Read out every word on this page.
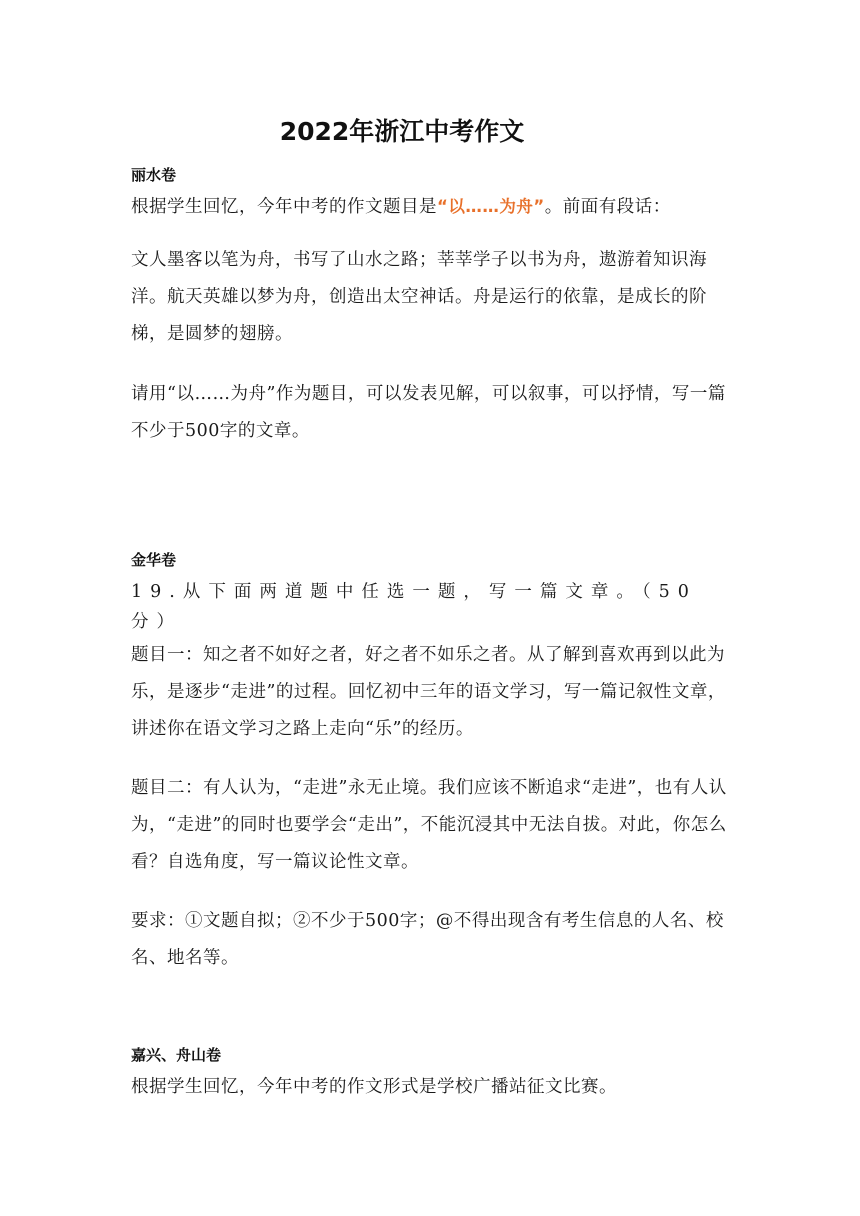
2022年浙江中考作文

丽水卷

根据学生回忆，今年中考的作文题目是“以……为舟”。前面有段话：

文人墨客以笔为舟，书写了山水之路；莘莘学子以书为舟，遨游着知识海洋。航天英雄以梦为舟，创造出太空神话。舟是运行的依靠，是成长的阶梯，是圆梦的翅膀。

请用“以……为舟”作为题目，可以发表见解，可以叙事，可以抒情，写一篇不少于500字的文章。

金华卷

19.从下面两道题中任选一题，写一篇文章。（50分）

题目一：知之者不如好之者，好之者不如乐之者。从了解到喜欢再到以此为乐，是逐步“走进”的过程。回忆初中三年的语文学习，写一篇记叙性文章，讲述你在语文学习之路上走向“乐”的经历。

题目二：有人认为，“走进”永无止境。我们应该不断追求“走进”，也有人认为，“走进”的同时也要学会“走出”，不能沉浸其中无法自拔。对此，你怎么看？自选角度，写一篇议论性文章。

要求：①文题自拟；②不少于500字；@不得出现含有考生信息的人名、校名、地名等。

嘉兴、舟山卷

根据学生回忆，今年中考的作文形式是学校广播站征文比赛。
